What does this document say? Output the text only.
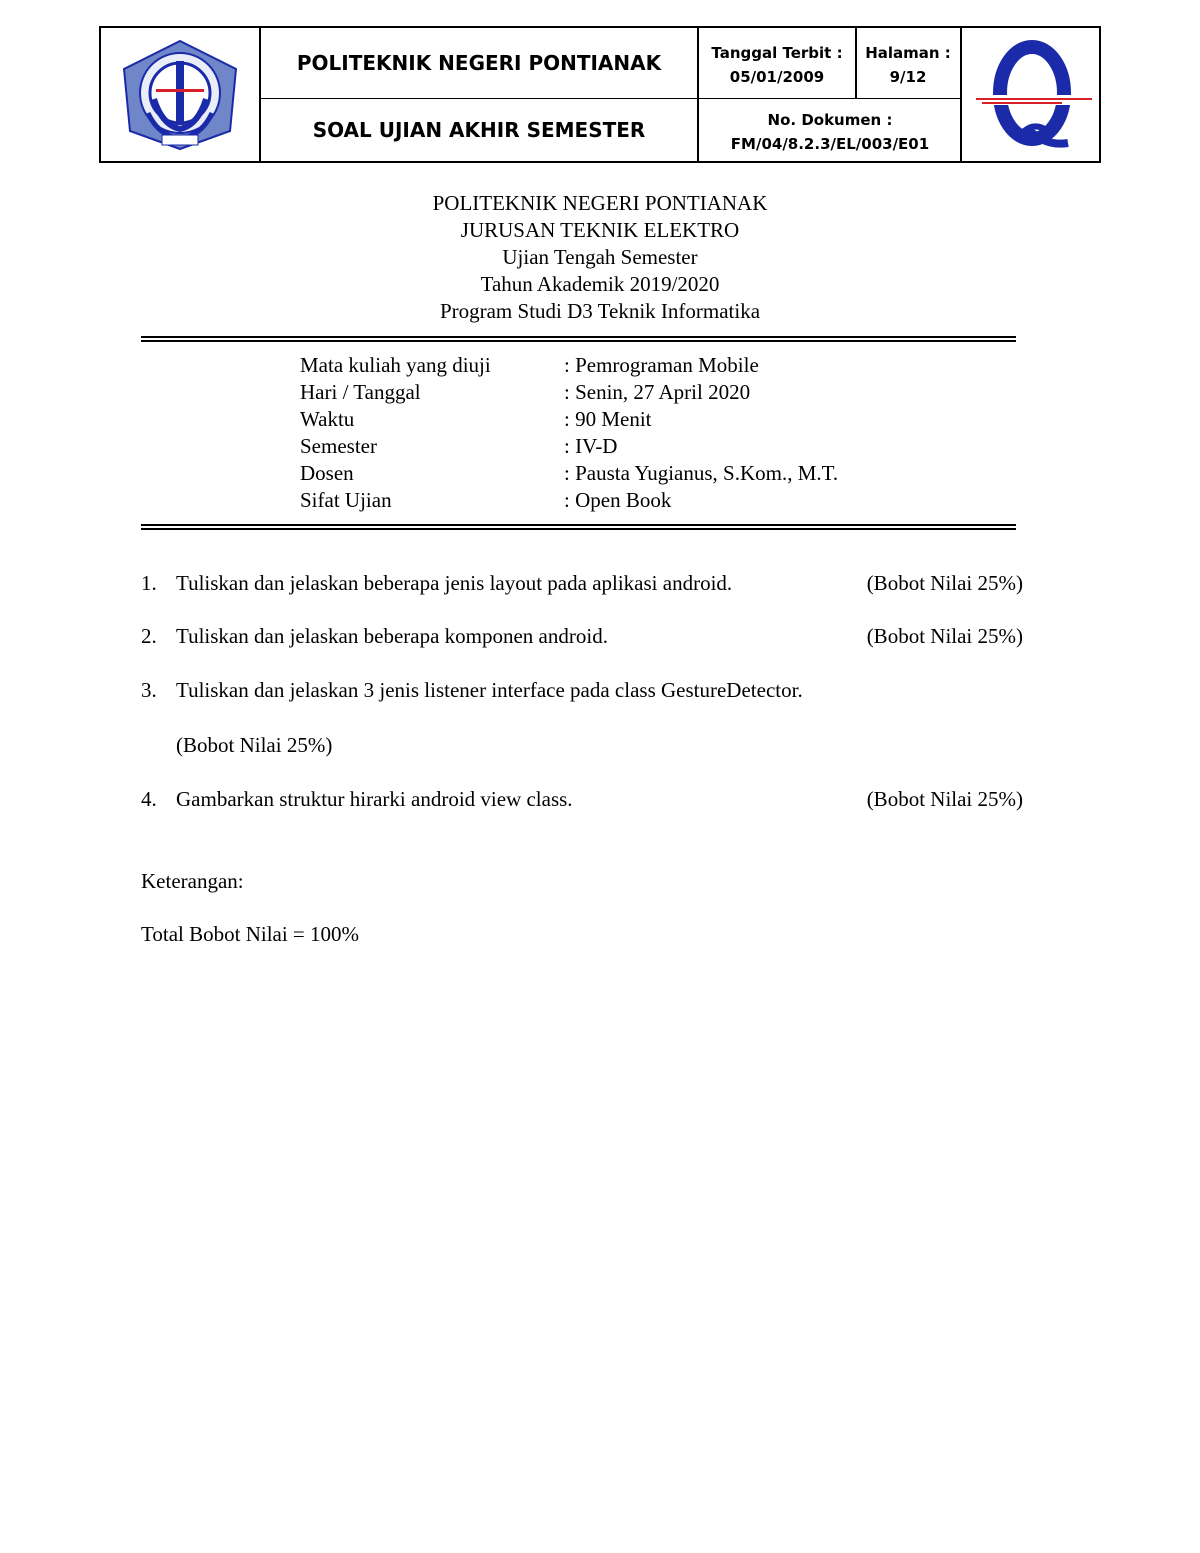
POLITEKNIK NEGERI PONTIANAK
SOAL UJIAN AKHIR SEMESTER
Tanggal Terbit :
05/01/2009
Halaman :
9/12
No. Dokumen :
FM/04/8.2.3/EL/003/E01
POLITEKNIK NEGERI PONTIANAK
JURUSAN TEKNIK ELEKTRO
Ujian Tengah Semester
Tahun Akademik 2019/2020
Program Studi D3 Teknik Informatika
Mata kuliah yang diuji	: Pemrograman Mobile
Hari / Tanggal	: Senin, 27 April 2020
Waktu	: 90 Menit
Semester	: IV-D
Dosen	: Pausta Yugianus, S.Kom., M.T.
Sifat Ujian	: Open Book
1. Tuliskan dan jelaskan beberapa jenis layout pada aplikasi android.	(Bobot Nilai 25%)
2. Tuliskan dan jelaskan beberapa komponen android.	(Bobot Nilai 25%)
3. Tuliskan dan jelaskan 3 jenis listener interface pada class GestureDetector.
(Bobot Nilai 25%)
4. Gambarkan struktur hirarki android view class.	(Bobot Nilai 25%)
Keterangan:
Total Bobot Nilai = 100%
